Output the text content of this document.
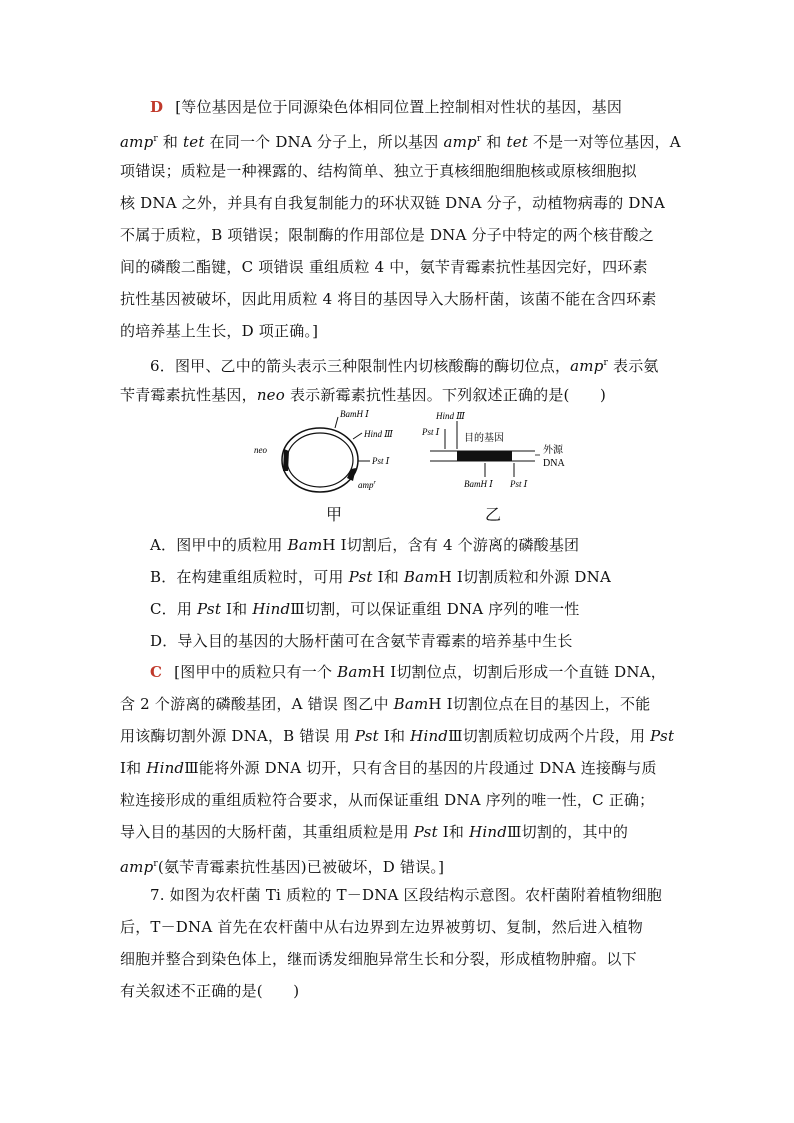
D [等位基因是位于同源染色体相同位置上控制相对性状的基因，基因
amp$^r$ 和 tet 在同一个 DNA 分子上，所以基因 amp$^r$ 和 tet 不是一对等位基因，A
项错误；质粒是一种裸露的、结构简单、独立于真核细胞细胞核或原核细胞拟
核 DNA 之外，并具有自我复制能力的环状双链 DNA 分子，动植物病毒的 DNA
不属于质粒，B 项错误；限制酶的作用部位是 DNA 分子中特定的两个核苷酸之
间的磷酸二酯键，C 项错误 重组质粒 4 中，氨苄青霉素抗性基因完好，四环素
抗性基因被破坏，因此用质粒 4 将目的基因导入大肠杆菌，该菌不能在含四环素
的培养基上生长，D 项正确。]
6．图甲、乙中的箭头表示三种限制性内切核酸酶的酶切位点，amp$^r$ 表示氨
苄青霉素抗性基因，neo 表示新霉素抗性基因。下列叙述正确的是(　　)
BamH Ⅰ
Hind Ⅲ
Pst Ⅰ
neo
amp$^r$
Hind Ⅲ
Pst Ⅰ
目的基因
外源
DNA
BamH Ⅰ Pst Ⅰ
甲	乙
A．图甲中的质粒用 BamH Ⅰ切割后，含有 4 个游离的磷酸基团
B．在构建重组质粒时，可用 Pst Ⅰ和 BamH Ⅰ切割质粒和外源 DNA
C．用 Pst Ⅰ和 HindⅢ切割，可以保证重组 DNA 序列的唯一性
D．导入目的基因的大肠杆菌可在含氨苄青霉素的培养基中生长
C [图甲中的质粒只有一个 BamH Ⅰ切割位点，切割后形成一个直链 DNA，
含 2 个游离的磷酸基团，A 错误 图乙中 BamH Ⅰ切割位点在目的基因上，不能
用该酶切割外源 DNA，B 错误 用 Pst Ⅰ和 HindⅢ切割质粒切成两个片段，用 Pst
Ⅰ和 HindⅢ能将外源 DNA 切开，只有含目的基因的片段通过 DNA 连接酶与质
粒连接形成的重组质粒符合要求，从而保证重组 DNA 序列的唯一性，C 正确；
导入目的基因的大肠杆菌，其重组质粒是用 Pst Ⅰ和 HindⅢ切割的，其中的
amp$^r$(氨苄青霉素抗性基因)已被破坏，D 错误。]
7. 如图为农杆菌 Ti 质粒的 T－DNA 区段结构示意图。农杆菌附着植物细胞
后，T－DNA 首先在农杆菌中从右边界到左边界被剪切、复制，然后进入植物
细胞并整合到染色体上，继而诱发细胞异常生长和分裂，形成植物肿瘤。以下
有关叙述不正确的是(　　)
